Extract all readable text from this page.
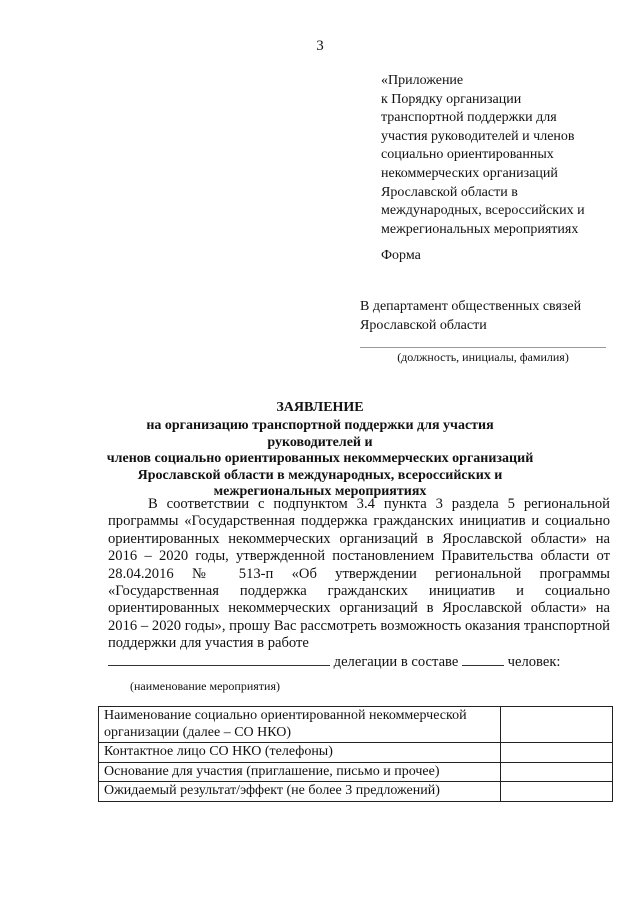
3
«Приложение
к Порядку организации
транспортной поддержки для
участия руководителей и членов
социально ориентированных
некоммерческих организаций
Ярославской области в
международных, всероссийских и
межрегиональных мероприятиях
Форма
В департамент общественных связей
Ярославской области
(должность, инициалы, фамилия)
ЗАЯВЛЕНИЕ
на организацию транспортной поддержки для участия руководителей и
членов социально ориентированных некоммерческих организаций
Ярославской области в международных, всероссийских и
межрегиональных мероприятиях

В соответствии с подпунктом 3.4 пункта 3 раздела 5 региональной программы «Государственная поддержка гражданских инициатив и социально ориентированных некоммерческих организаций в Ярославской области» на 2016 – 2020 годы, утвержденной постановлением Правительства области от 28.04.2016 № 513-п «Об утверждении региональной программы «Государственная поддержка гражданских инициатив и социально ориентированных некоммерческих организаций в Ярославской области» на 2016 – 2020 годы», прошу Вас рассмотреть возможность оказания транспортной поддержки для участия в работе
делегации в составе	человек:

(наименование мероприятия)
Наименование социально ориентированной некоммерческой организации (далее – СО НКО)	
Контактное лицо СО НКО (телефоны)	
Основание для участия (приглашение, письмо и прочее)	
Ожидаемый результат/эффект (не более 3 предложений)	
